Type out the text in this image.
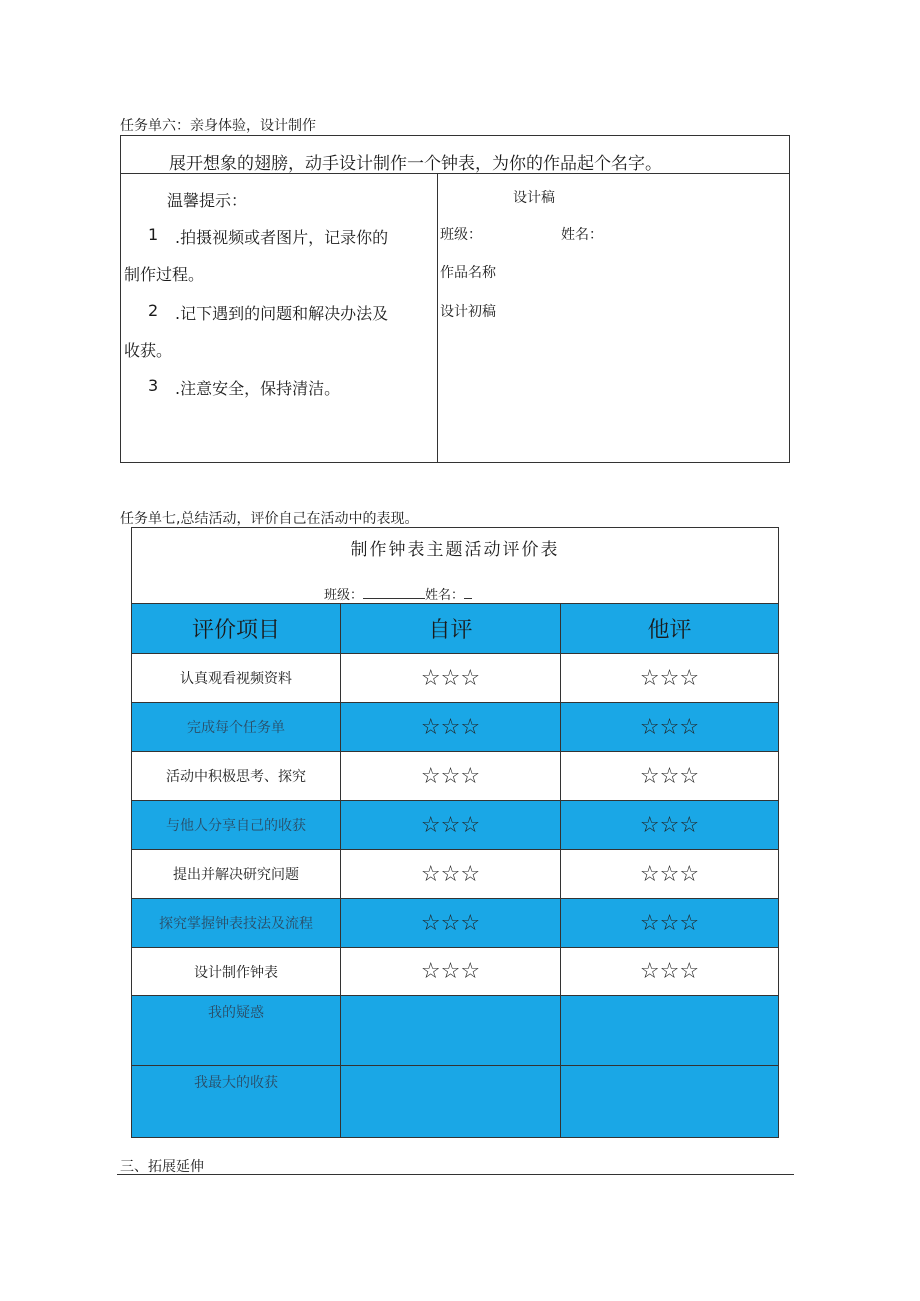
任务单六：亲身体验，设计制作
展开想象的翅膀，动手设计制作一个钟表，为你的作品起个名字。
温馨提示：
1 .拍摄视频或者图片，记录你的
制作过程。
2 .记下遇到的问题和解决办法及
收获。
3 .注意安全，保持清洁。
设计稿
班级：	姓名：
作品名称
设计初稿
任务单七,总结活动，评价自己在活动中的表现。
制作钟表主题活动评价表
班级：	姓名：
评价项目	自评	他评
认真观看视频资料	☆☆☆	☆☆☆
完成每个任务单	☆☆☆	☆☆☆
活动中积极思考、探究	☆☆☆	☆☆☆
与他人分享自己的收获	☆☆☆	☆☆☆
提出并解决研究问题	☆☆☆	☆☆☆
探究掌握钟表技法及流程	☆☆☆	☆☆☆
设计制作钟表	☆☆☆	☆☆☆
我的疑惑
我最大的收获
三、拓展延伸
